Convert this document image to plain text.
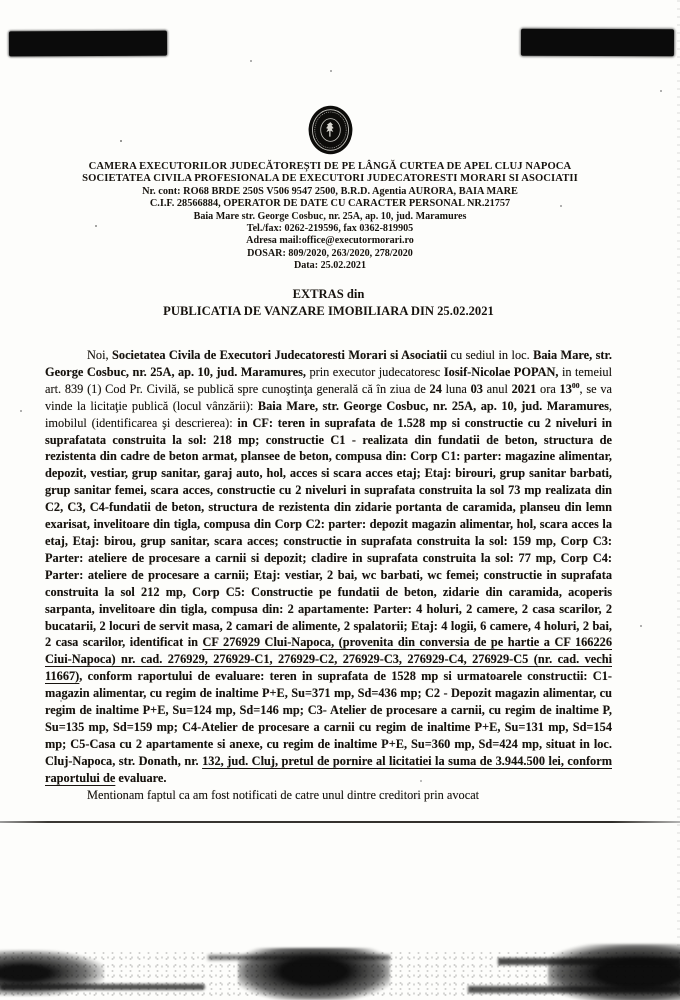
CAMERA EXECUTORILOR JUDECĂTOREȘTI DE PE LÂNGĂ CURTEA DE APEL CLUJ NAPOCA
SOCIETATEA CIVILA PROFESIONALA DE EXECUTORI JUDECATORESTI MORARI SI ASOCIATII
Nr. cont: RO68 BRDE 250S V506 9547 2500, B.R.D. Agentia AURORA, BAIA MARE
C.I.F. 28566884, OPERATOR DE DATE CU CARACTER PERSONAL NR.21757
Baia Mare str. George Cosbuc, nr. 25A, ap. 10, jud. Maramures
Tel./fax: 0262-219596, fax 0362-819905
Adresa mail:office@executormorari.ro
DOSAR: 809/2020, 263/2020, 278/2020
Data: 25.02.2021
EXTRAS din
PUBLICATIA DE VANZARE IMOBILIARA DIN 25.02.2021

Noi, Societatea Civila de Executori Judecatoresti Morari si Asociatii cu sediul in loc. Baia Mare, str. George Cosbuc, nr. 25A, ap. 10, jud. Maramures, prin executor judecatoresc Iosif-Nicolae POPAN, in temeiul art. 839 (1) Cod Pr. Civilă, se publică spre cunoştinţa generală că în ziua de 24 luna 03 anul 2021 ora $13^{00}$, se va vinde la licitaţie publică (locul vânzării): Baia Mare, str. George Cosbuc, nr. 25A, ap. 10, jud. Maramures, imobilul (identificarea şi descrierea): in CF: teren in suprafata de 1.528 mp si constructie cu 2 niveluri in suprafatata construita la sol: 218 mp; constructie C1 - realizata din fundatii de beton, structura de rezistenta din cadre de beton armat, plansee de beton, compusa din: Corp C1: parter: magazine alimentar, depozit, vestiar, grup sanitar, garaj auto, hol, acces si scara acces etaj; Etaj: birouri, grup sanitar barbati, grup sanitar femei, scara acces, constructie cu 2 niveluri in suprafata construita la sol 73 mp realizata din C2, C3, C4-fundatii de beton, structura de rezistenta din zidarie portanta de caramida, planseu din lemn exarisat, invelitoare din tigla, compusa din Corp C2: parter: depozit magazin alimentar, hol, scara acces la etaj, Etaj: birou, grup sanitar, scara acces; constructie in suprafata construita la sol: 159 mp, Corp C3: Parter: ateliere de procesare a carnii si depozit; cladire in suprafata construita la sol: 77 mp, Corp C4: Parter: ateliere de procesare a carnii; Etaj: vestiar, 2 bai, wc barbati, wc femei; constructie in suprafata construita la sol 212 mp, Corp C5: Constructie pe fundatii de beton, zidarie din caramida, acoperis sarpanta, invelitoare din tigla, compusa din: 2 apartamente: Parter: 4 holuri, 2 camere, 2 casa scarilor, 2 bucatarii, 2 locuri de servit masa, 2 camari de alimente, 2 spalatorii; Etaj: 4 logii, 6 camere, 4 holuri, 2 bai, 2 casa scarilor, identificat in CF 276929 Clui-Napoca, (provenita din conversia de pe hartie a CF 166226 Ciui-Napoca) nr. cad. 276929, 276929-C1, 276929-C2, 276929-C3, 276929-C4, 276929-C5 (nr. cad. vechi 11667), conform raportului de evaluare: teren in suprafata de 1528 mp si urmatoarele constructii: C1-magazin alimentar, cu regim de inaltime P+E, Su=371 mp, Sd=436 mp; C2 - Depozit magazin alimentar, cu regim de inaltime P+E, Su=124 mp, Sd=146 mp; C3- Atelier de procesare a carnii, cu regim de inaltime P, Su=135 mp, Sd=159 mp; C4-Atelier de procesare a carnii cu regim de inaltime P+E, Su=131 mp, Sd=154 mp; C5-Casa cu 2 apartamente si anexe, cu regim de inaltime P+E, Su=360 mp, Sd=424 mp, situat in loc. Cluj-Napoca, str. Donath, nr. 132, jud. Cluj, pretul de pornire al licitatiei la suma de 3.944.500 lei, conform raportului de evaluare.

Mentionam faptul ca am fost notificati de catre unul dintre creditori prin avocat
